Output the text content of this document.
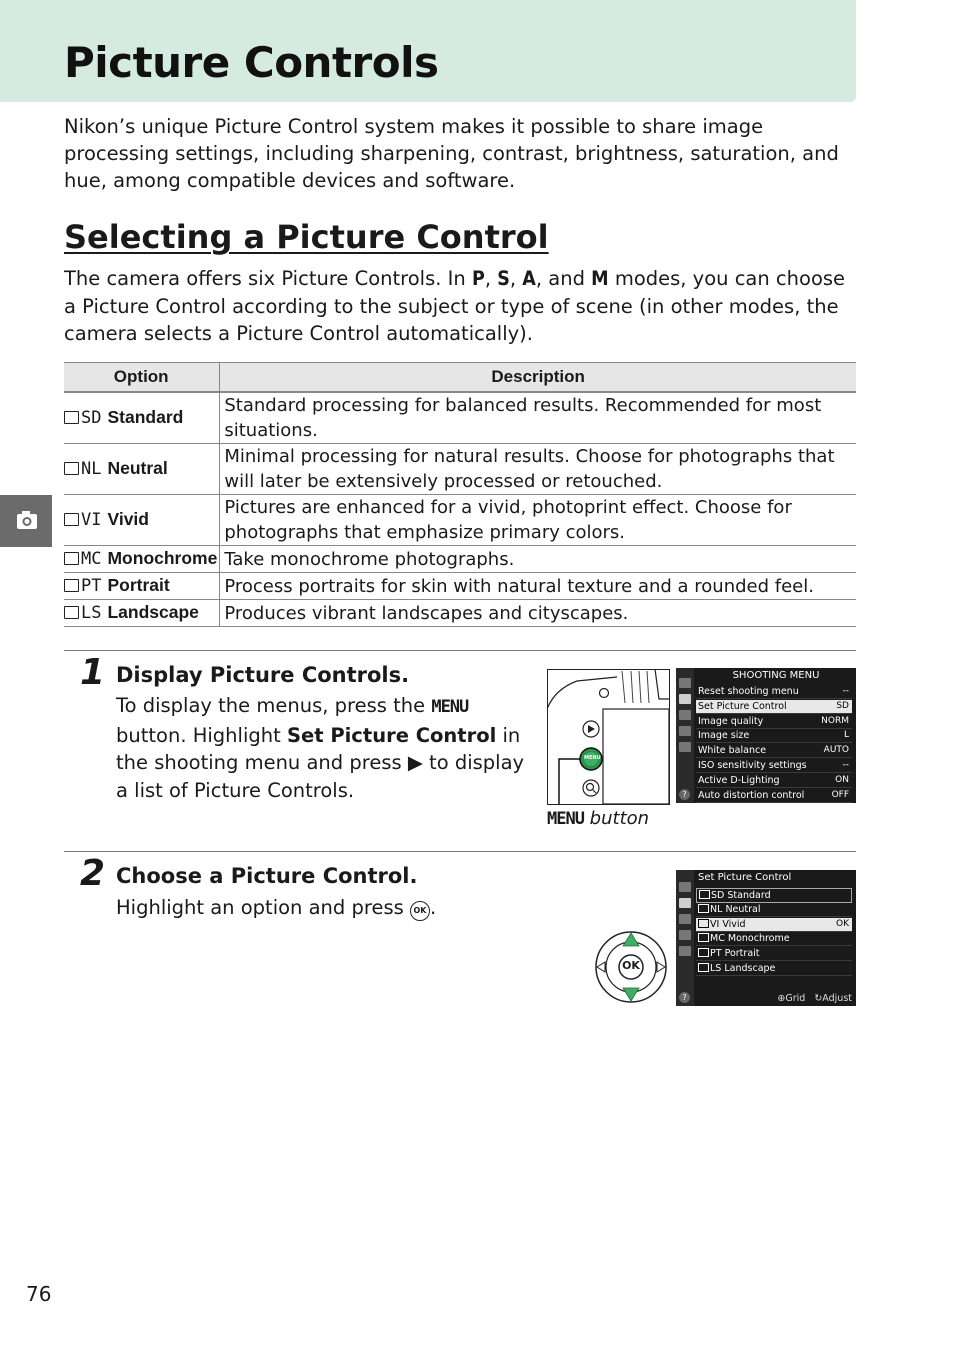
Picture Controls

Nikon’s unique Picture Control system makes it possible to share image processing settings, including sharpening, contrast, brightness, saturation, and hue, among compatible devices and software.

Selecting a Picture Control

The camera offers six Picture Controls. In P, S, A, and M modes, you can choose a Picture Control according to the subject or type of scene (in other modes, the camera selects a Picture Control automatically).

Option	Description
SD Standard	Standard processing for balanced results. Recommended for most situations.
NL Neutral	Minimal processing for natural results. Choose for photographs that will later be extensively processed or retouched.
VI Vivid	Pictures are enhanced for a vivid, photoprint effect. Choose for photographs that emphasize primary colors.
MC Monochrome	Take monochrome photographs.
PT Portrait	Process portraits for skin with natural texture and a rounded feel.
LS Landscape	Produces vibrant landscapes and cityscapes.
1 Display Picture Controls.

To display the menus, press the MENU button. Highlight Set Picture Control in the shooting menu and press ▶ to display a list of Picture Controls.

MENU
MENU button
?
SHOOTING MENU
Reset shooting menu	--
Set Picture Control	SD
Image quality	NORM
Image size	L
White balance	AUTO
ISO sensitivity settings	--
Active D-Lighting	ON
Auto distortion control	OFF
2 Choose a Picture Control.

Highlight an option and press OK .

OK
?
Set Picture Control
SD Standard
NL Neutral
VI Vivid	OK
MC Monochrome
PT Portrait
LS Landscape
⊕Grid ↻Adjust
76
